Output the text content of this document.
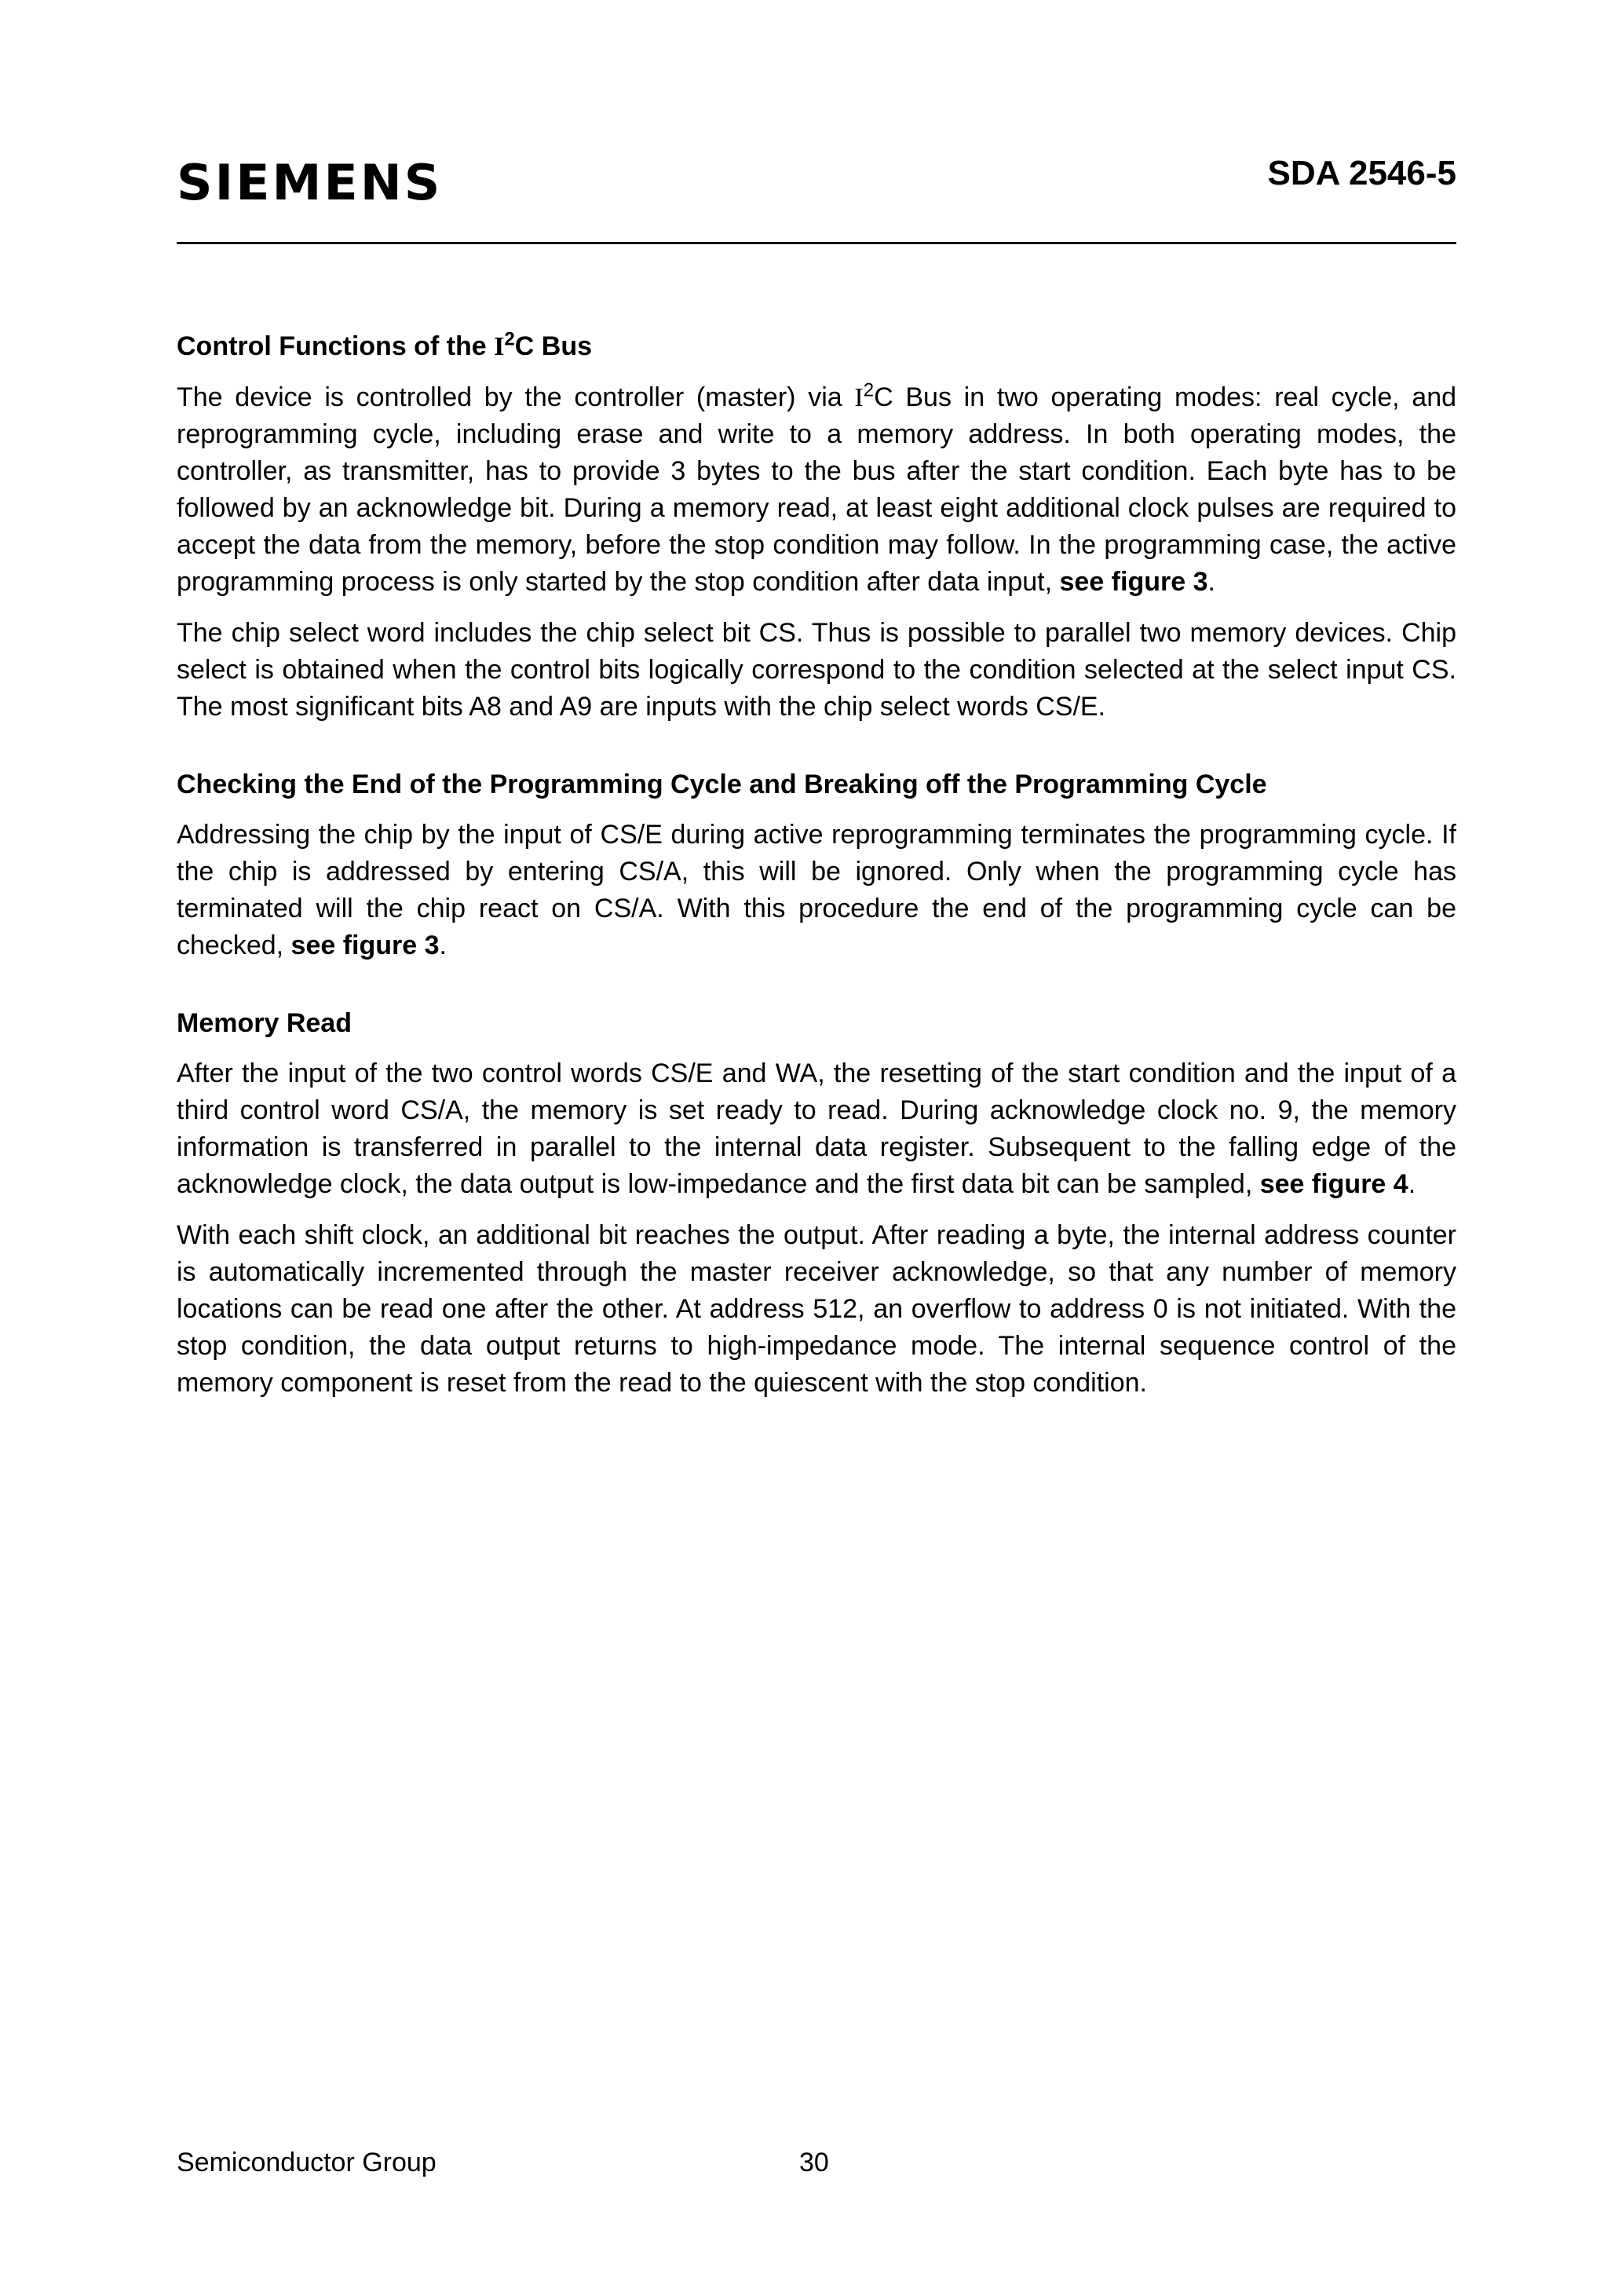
SIEMENS	SDA 2546-5
Control Functions of the $I^2C$ Bus

The device is controlled by the controller (master) via $I^2C$ Bus in two operating modes: real cycle, and reprogramming cycle, including erase and write to a memory address. In both operating modes, the controller, as transmitter, has to provide 3 bytes to the bus after the start condition. Each byte has to be followed by an acknowledge bit. During a memory read, at least eight additional clock pulses are required to accept the data from the memory, before the stop condition may follow. In the programming case, the active programming process is only started by the stop condition after data input, see figure 3.

The chip select word includes the chip select bit CS. Thus is possible to parallel two memory devices. Chip select is obtained when the control bits logically correspond to the condition selected at the select input CS. The most significant bits A8 and A9 are inputs with the chip select words CS/E.

Checking the End of the Programming Cycle and Breaking off the Programming Cycle

Addressing the chip by the input of CS/E during active reprogramming terminates the programming cycle. If the chip is addressed by entering CS/A, this will be ignored. Only when the programming cycle has terminated will the chip react on CS/A. With this procedure the end of the programming cycle can be checked, see figure 3.

Memory Read

After the input of the two control words CS/E and WA, the resetting of the start condition and the input of a third control word CS/A, the memory is set ready to read. During acknowledge clock no. 9, the memory information is transferred in parallel to the internal data register. Subsequent to the falling edge of the acknowledge clock, the data output is low-impedance and the first data bit can be sampled, see figure 4.

With each shift clock, an additional bit reaches the output. After reading a byte, the internal address counter is automatically incremented through the master receiver acknowledge, so that any number of memory locations can be read one after the other. At address 512, an overflow to address 0 is not initiated. With the stop condition, the data output returns to high-impedance mode. The internal sequence control of the memory component is reset from the read to the quiescent with the stop condition.

Semiconductor Group	30
